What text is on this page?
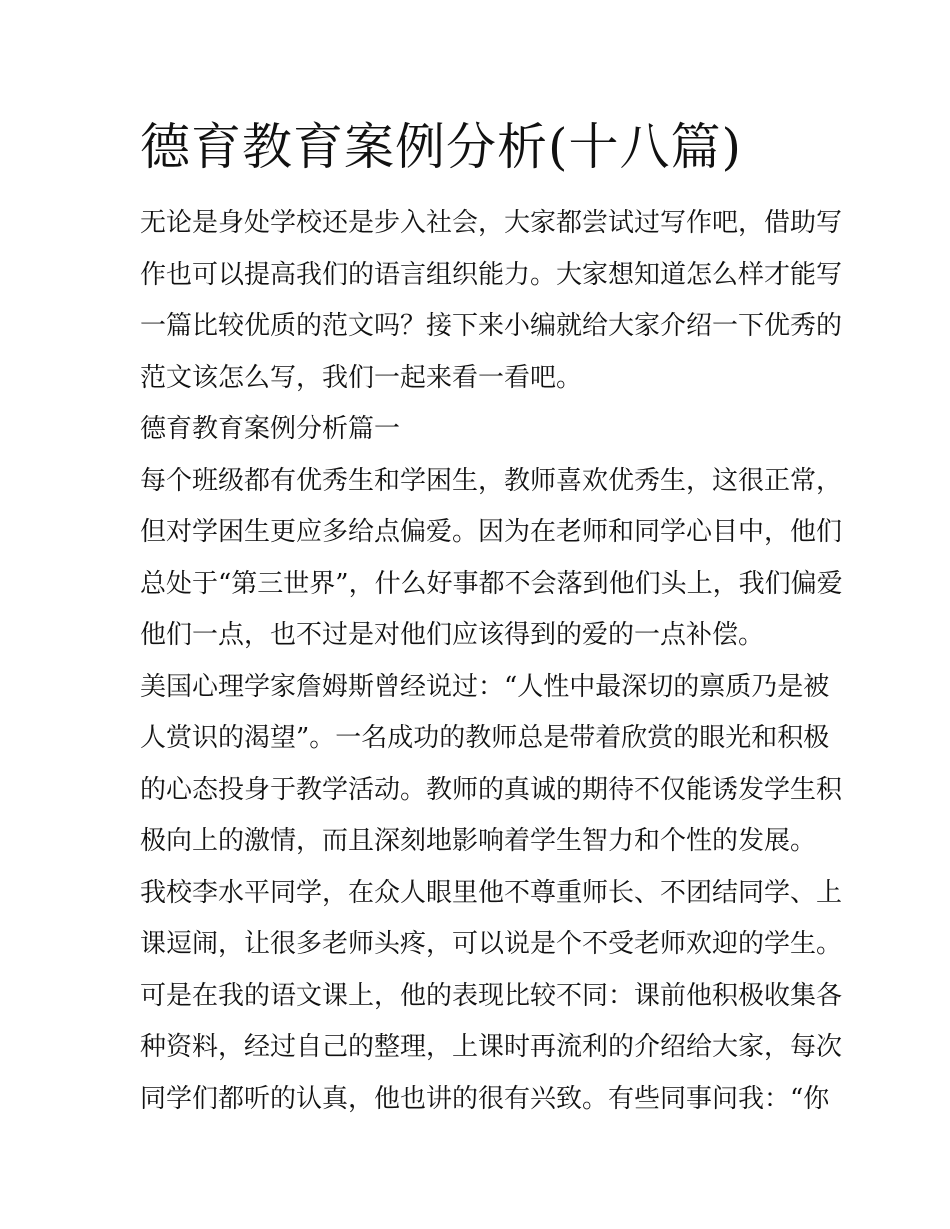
德育教育案例分析(十八篇)

无论是身处学校还是步入社会，大家都尝试过写作吧，借助写

作也可以提高我们的语言组织能力。大家想知道怎么样才能写

一篇比较优质的范文吗？接下来小编就给大家介绍一下优秀的

范文该怎么写，我们一起来看一看吧。

德育教育案例分析篇一

每个班级都有优秀生和学困生，教师喜欢优秀生，这很正常，

但对学困生更应多给点偏爱。因为在老师和同学心目中，他们

总处于“第三世界”，什么好事都不会落到他们头上，我们偏爱

他们一点，也不过是对他们应该得到的爱的一点补偿。

美国心理学家詹姆斯曾经说过：“人性中最深切的禀质乃是被

人赏识的渴望”。一名成功的教师总是带着欣赏的眼光和积极

的心态投身于教学活动。教师的真诚的期待不仅能诱发学生积

极向上的激情，而且深刻地影响着学生智力和个性的发展。

我校李水平同学，在众人眼里他不尊重师长、不团结同学、上

课逗闹，让很多老师头疼，可以说是个不受老师欢迎的学生。

可是在我的语文课上，他的表现比较不同：课前他积极收集各

种资料，经过自己的整理，上课时再流利的介绍给大家，每次

同学们都听的认真，他也讲的很有兴致。有些同事问我：“你
